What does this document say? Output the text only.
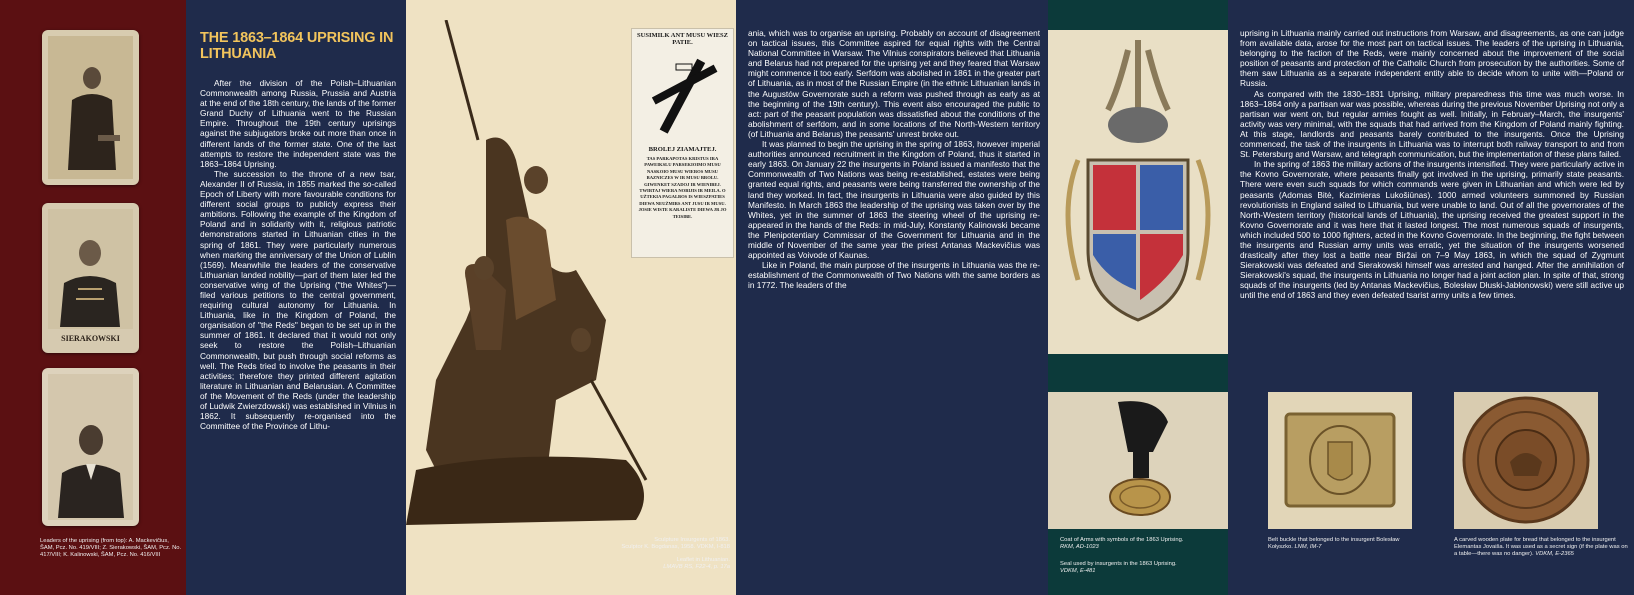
SIERAKOWSKI
Leaders of the uprising (from top): A. Mackevičius, ŠAM, Pcz. No. 419/VIII; Z. Sierakowski, ŠAM, Pcz. No. 417/VIII; K. Kalinowski, ŠAM, Pcz. No. 416/VIII
THE 1863–1864 UPRISING IN LITHUANIA

After the division of the Polish–Lithuanian Commonwealth among Russia, Prussia and Austria at the end of the 18th century, the lands of the former Grand Duchy of Lithuania went to the Russian Empire. Throughout the 19th century uprisings against the subjugators broke out more than once in different lands of the former state. One of the last attempts to restore the independent state was the 1863–1864 Uprising.

The succession to the throne of a new tsar, Alexander II of Russia, in 1855 marked the so-called Epoch of Liberty with more favourable conditions for different social groups to publicly express their ambitions. Following the example of the Kingdom of Poland and in solidarity with it, religious patriotic demonstrations started in Lithuanian cities in the spring of 1861. They were particularly numerous when marking the anniversary of the Union of Lublin (1569). Meanwhile the leaders of the conservative Lithuanian landed nobility—part of them later led the conservative wing of the Uprising ("the Whites")—filed various petitions to the central government, requiring cultural autonomy for Lithuania. In Lithuania, like in the Kingdom of Poland, the organisation of "the Reds" began to be set up in the summer of 1861. It declared that it would not only seek to restore the Polish–Lithuanian Commonwealth, but push through social reforms as well. The Reds tried to involve the peasants in their activities; therefore they printed different agitation literature in Lithuanian and Belarusian. A Committee of the Movement of the Reds (under the leadership of Ludwik Zwierzdowski) was established in Vilnius in 1862. It subsequently re-organised into the Committee of the Province of Lithu-

SUSIMILK ANT MUSU WIESZ PATIE.
BROLEJ ZIAMAJTEJ.
TAS PARKAPOTAS KRISTUS IRA PAWEIKSLU PARSEKIOIMO MUSU NASKOIO MUSU WIEROS MUSU BAZNICZES W IR MUSU BROLU. GIWENKET SZADOJ IR WIENIBEJ. TWIRTAJ WIERA NOBIJIS IR MEILA. O UŻTEKIA PAGALBOS IS WIESZPATIES DIEWA NEUŻMIRS ANT JUSU IR MUSU. JOSIE WISTE KARALISTE DIEWA JR JO TEISIBE.
Sculpture Insurgents of 1863.
Sculptor K. Bogdanas, 1958. VDKM, I-818
Leaflet in Lithuanian.
LMAVB RS, F22-4, p. 17a

ania, which was to organise an uprising. Probably on account of disagreement on tactical issues, this Committee aspired for equal rights with the Central National Committee in Warsaw. The Vilnius conspirators believed that Lithuania and Belarus had not prepared for the uprising yet and they feared that Warsaw might commence it too early. Serfdom was abolished in 1861 in the greater part of Lithuania, as in most of the Russian Empire (in the ethnic Lithuanian lands in the Augustów Governorate such a reform was pushed through as early as at the beginning of the 19th century). This event also encouraged the public to act: part of the peasant population was dissatisfied about the conditions of the abolishment of serfdom, and in some locations of the North-Western territory (of Lithuania and Belarus) the peasants' unrest broke out.

It was planned to begin the uprising in the spring of 1863, however imperial authorities announced recruitment in the Kingdom of Poland, thus it started in early 1863. On January 22 the insurgents in Poland issued a manifesto that the Commonwealth of Two Nations was being re-established, estates were being granted equal rights, and peasants were being transferred the ownership of the land they worked. In fact, the insurgents in Lithuania were also guided by this Manifesto. In March 1863 the leadership of the uprising was taken over by the Whites, yet in the summer of 1863 the steering wheel of the uprising re-appeared in the hands of the Reds: in mid-July, Konstanty Kalinowski became the Plenipotentiary Commissar of the Government for Lithuania and in the middle of November of the same year the priest Antanas Mackevičius was appointed as Voivode of Kaunas.

Like in Poland, the main purpose of the insurgents in Lithuania was the re-establishment of the Commonwealth of Two Nations with the same borders as in 1772. The leaders of the

Coat of Arms with symbols of the 1863 Uprising.
RKM, AD-1023
Seal used by insurgents in the 1863 Uprising.
VDKM, E-481

uprising in Lithuania mainly carried out instructions from Warsaw, and disagreements, as one can judge from available data, arose for the most part on tactical issues. The leaders of the uprising in Lithuania, belonging to the faction of the Reds, were mainly concerned about the improvement of the social position of peasants and protection of the Catholic Church from prosecution by the authorities. Some of them saw Lithuania as a separate independent entity able to decide whom to unite with—Poland or Russia.

As compared with the 1830–1831 Uprising, military preparedness this time was much worse. In 1863–1864 only a partisan war was possible, whereas during the previous November Uprising not only a partisan war went on, but regular armies fought as well. Initially, in February–March, the insurgents' activity was very minimal, with the squads that had arrived from the Kingdom of Poland mainly fighting. At this stage, landlords and peasants barely contributed to the insurgents. Once the Uprising commenced, the task of the insurgents in Lithuania was to interrupt both railway transport to and from St. Petersburg and Warsaw, and telegraph communication, but the implementation of these plans failed.

In the spring of 1863 the military actions of the insurgents intensified. They were particularly active in the Kovno Governorate, where peasants finally got involved in the uprising, primarily state peasants. There were even such squads for which commands were given in Lithuanian and which were led by peasants (Adomas Bitė, Kazimieras Lukošiūnas). 1000 armed volunteers summoned by Russian revolutionists in England sailed to Lithuania, but were unable to land. Out of all the governorates of the North-Western territory (historical lands of Lithuania), the uprising received the greatest support in the Kovno Governorate and it was here that it lasted longest. The most numerous squads of insurgents, which included 500 to 1000 fighters, acted in the Kovno Governorate. In the beginning, the fight between the insurgents and Russian army units was erratic, yet the situation of the insurgents worsened drastically after they lost a battle near Biržai on 7–9 May 1863, in which the squad of Zygmunt Sierakowski was defeated and Sierakowski himself was arrested and hanged. After the annihilation of Sierakowski's squad, the insurgents in Lithuania no longer had a joint action plan. In spite of that, strong squads of the insurgents (led by Antanas Mackevičius, Bolesław Dłuski-Jabłonowski) were still active up until the end of 1863 and they even defeated tsarist army units a few times.

Belt buckle that belonged to the insurgent Bolesław Kołyszko. LNM, IM-7
A carved wooden plate for bread that belonged to the insurgent Elemantas Jovaiša. It was used as a secret sign (if the plate was on a table—there was no danger). VDKM, E-2365
